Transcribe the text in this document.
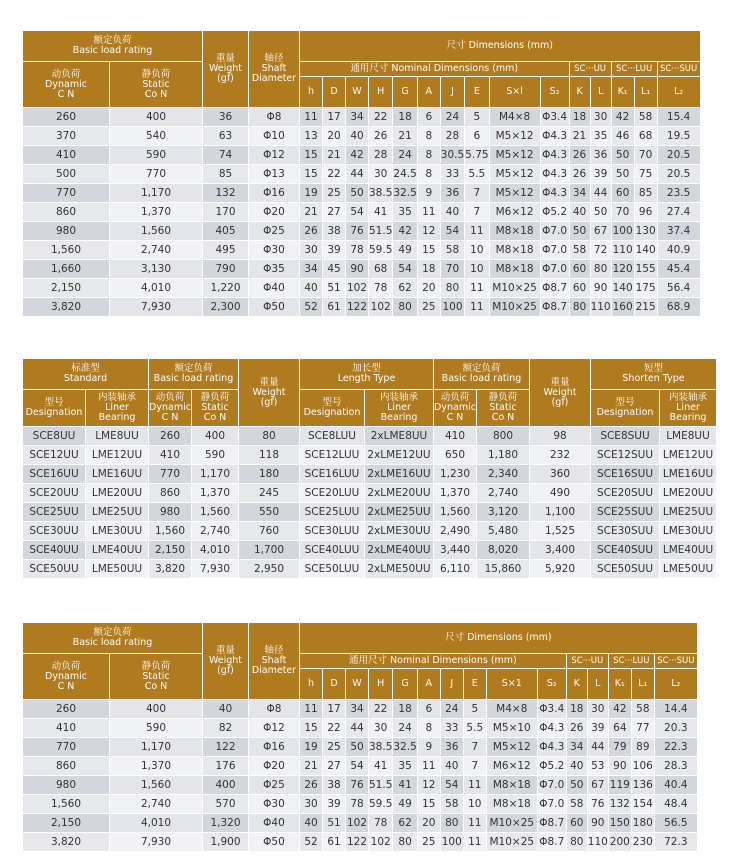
额定负荷
Basic load rating		重量
Weight
(gf)	轴径
Shaft
Diameter	尺寸 Dimensions (mm)														
动负荷
Dynamic
C N	静负荷
Static
Co N			通用尺寸 Nominal Dimensions (mm)										SC···UU		SC···LUU		SC···SUU
				h	D	W	H	G	A	J	E	S×l	S₂	K	L	K₁	L₁	L₂
260	400	36	Φ8	11	17	34	22	18	6	24	5	M4×8	Φ3.4	18	30	42	58	15.4
370	540	63	Φ10	13	20	40	26	21	8	28	6	M5×12	Φ4.3	21	35	46	68	19.5
410	590	74	Φ12	15	21	42	28	24	8	30.5	5.75	M5×12	Φ4.3	26	36	50	70	20.5
500	770	85	Φ13	15	22	44	30	24.5	8	33	5.5	M5×12	Φ4.3	26	39	50	75	20.5
770	1,170	132	Φ16	19	25	50	38.5	32.5	9	36	7	M5×12	Φ4.3	34	44	60	85	23.5
860	1,370	170	Φ20	21	27	54	41	35	11	40	7	M6×12	Φ5.2	40	50	70	96	27.4
980	1,560	405	Φ25	26	38	76	51.5	42	12	54	11	M8×18	Φ7.0	50	67	100	130	37.4
1,560	2,740	495	Φ30	30	39	78	59.5	49	15	58	10	M8×18	Φ7.0	58	72	110	140	40.9
1,660	3,130	790	Φ35	34	45	90	68	54	18	70	10	M8×18	Φ7.0	60	80	120	155	45.4
2,150	4,010	1,220	Φ40	40	51	102	78	62	20	80	11	M10×25	Φ8.7	60	90	140	175	56.4
3,820	7,930	2,300	Φ50	52	61	122	102	80	25	100	11	M10×25	Φ8.7	80	110	160	215	68.9
标准型
Standard		额定负荷
Basic load rating		重量
Weight
(gf)	加长型
Length Type		额定负荷
Basic load rating		重量
Weight
(gf)	短型
Shorten Type	
型号
Designation	内装轴承
Liner
Bearing	动负荷
Dynamic
C N	静负荷
Static
Co N		型号
Designation	内装轴承
Liner
Bearing	动负荷
Dynamic
C N	静负荷
Static
Co N		型号
Designation	内装轴承
Liner
Bearing
SCE8UU	LME8UU	260	400	80	SCE8LUU	2xLME8UU	410	800	98	SCE8SUU	LME8UU
SCE12UU	LME12UU	410	590	118	SCE12LUU	2xLME12UU	650	1,180	232	SCE12SUU	LME12UU
SCE16UU	LME16UU	770	1,170	180	SCE16LUU	2xLME16UU	1,230	2,340	360	SCE16SUU	LME16UU
SCE20UU	LME20UU	860	1,370	245	SCE20LUU	2xLME20UU	1,370	2,740	490	SCE20SUU	LME20UU
SCE25UU	LME25UU	980	1,560	550	SCE25LUU	2xLME25UU	1,560	3,120	1,100	SCE25SUU	LME25UU
SCE30UU	LME30UU	1,560	2,740	760	SCE30LUU	2xLME30UU	2,490	5,480	1,525	SCE30SUU	LME30UU
SCE40UU	LME40UU	2,150	4,010	1,700	SCE40LUU	2xLME40UU	3,440	8,020	3,400	SCE40SUU	LME40UU
SCE50UU	LME50UU	3,820	7,930	2,950	SCE50LUU	2xLME50UU	6,110	15,860	5,920	SCE50SUU	LME50UU
额定负荷
Basic load rating		重量
Weight
(gf)	轴径
Shaft
Diameter	尺寸 Dimensions (mm)														
动负荷
Dynamic
C N	静负荷
Static
Co N			通用尺寸 Nominal Dimensions (mm)										SC···UU		SC···LUU		SC···SUU
				h	D	W	H	G	A	J	E	S×1	S₂	K	L	K₁	L₁	L₂
260	400	40	Φ8	11	17	34	22	18	6	24	5	M4×8	Φ3.4	18	30	42	58	14.4
410	590	82	Φ12	15	22	44	30	24	8	33	5.5	M5×10	Φ4.3	26	39	64	77	20.3
770	1,170	122	Φ16	19	25	50	38.5	32.5	9	36	7	M5×12	Φ4.3	34	44	79	89	22.3
860	1,370	176	Φ20	21	27	54	41	35	11	40	7	M6×12	Φ5.2	40	53	90	106	28.3
980	1,560	400	Φ25	26	38	76	51.5	41	12	54	11	M8×18	Φ7.0	50	67	119	136	40.4
1,560	2,740	570	Φ30	30	39	78	59.5	49	15	58	10	M8×18	Φ7.0	58	76	132	154	48.4
2,150	4,010	1,320	Φ40	40	51	102	78	62	20	80	11	M10×25	Φ8.7	60	90	150	180	56.5
3,820	7,930	1,900	Φ50	52	61	122	102	80	25	100	11	M10×25	Φ8.7	80	110	200	230	72.3
